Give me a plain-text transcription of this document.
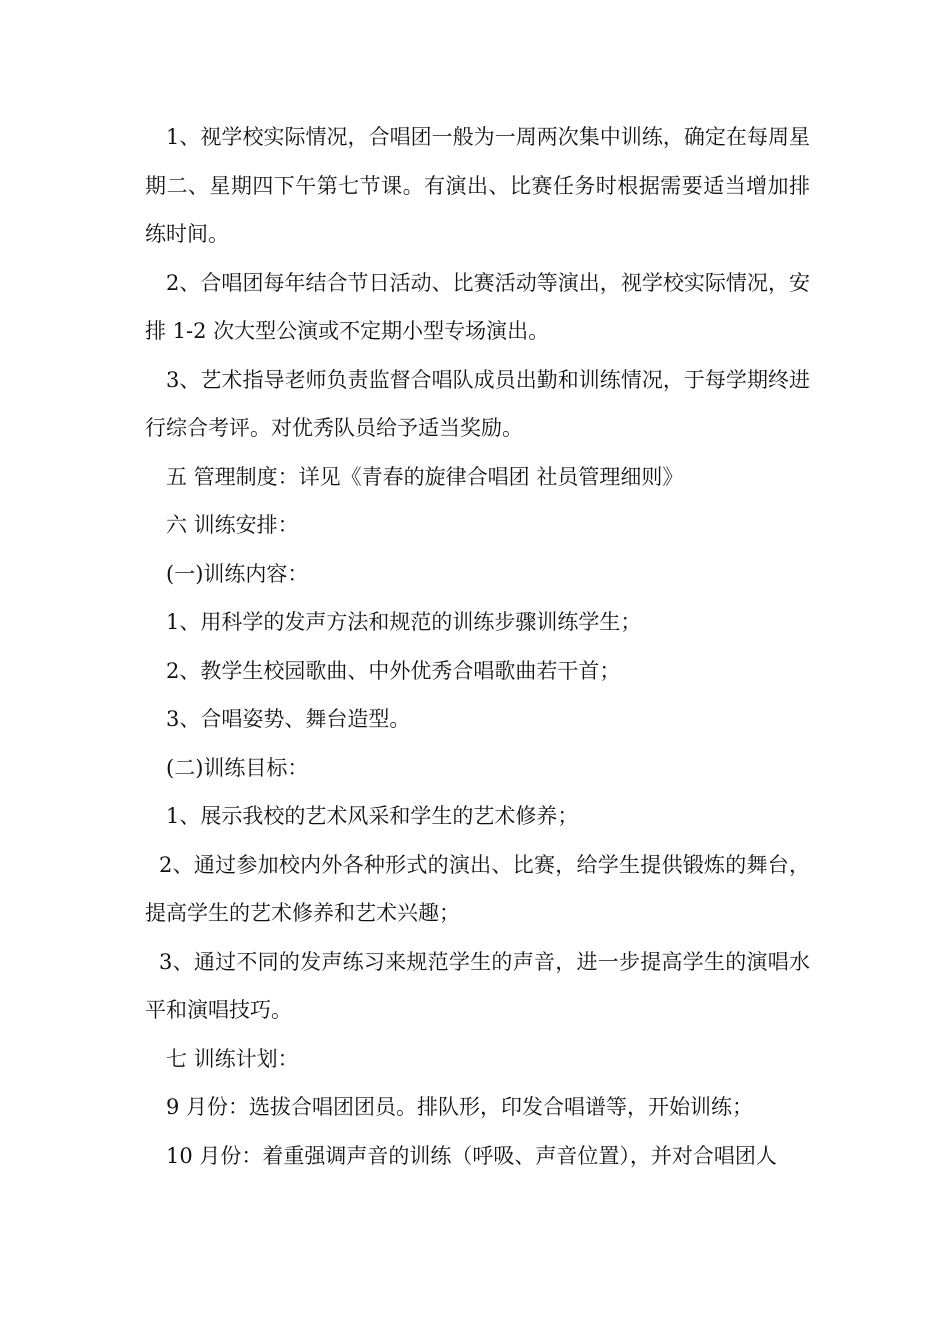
1、视学校实际情况，合唱团一般为一周两次集中训练，确定在每周星期二、星期四下午第七节课。有演出、比赛任务时根据需要适当增加排练时间。

2、合唱团每年结合节日活动、比赛活动等演出，视学校实际情况，安排 1-2 次大型公演或不定期小型专场演出。

3、艺术指导老师负责监督合唱队成员出勤和训练情况，于每学期终进行综合考评。对优秀队员给予适当奖励。

五 管理制度：详见《青春的旋律合唱团 社员管理细则》

六 训练安排：

(一)训练内容：

1、用科学的发声方法和规范的训练步骤训练学生；

2、教学生校园歌曲、中外优秀合唱歌曲若干首；

3、合唱姿势、舞台造型。

(二)训练目标：

1、展示我校的艺术风采和学生的艺术修养；

2、通过参加校内外各种形式的演出、比赛，给学生提供锻炼的舞台，提高学生的艺术修养和艺术兴趣；

3、通过不同的发声练习来规范学生的声音，进一步提高学生的演唱水平和演唱技巧。

七 训练计划：

9 月份：选拔合唱团团员。排队形，印发合唱谱等，开始训练；

10 月份：着重强调声音的训练（呼吸、声音位置），并对合唱团人
